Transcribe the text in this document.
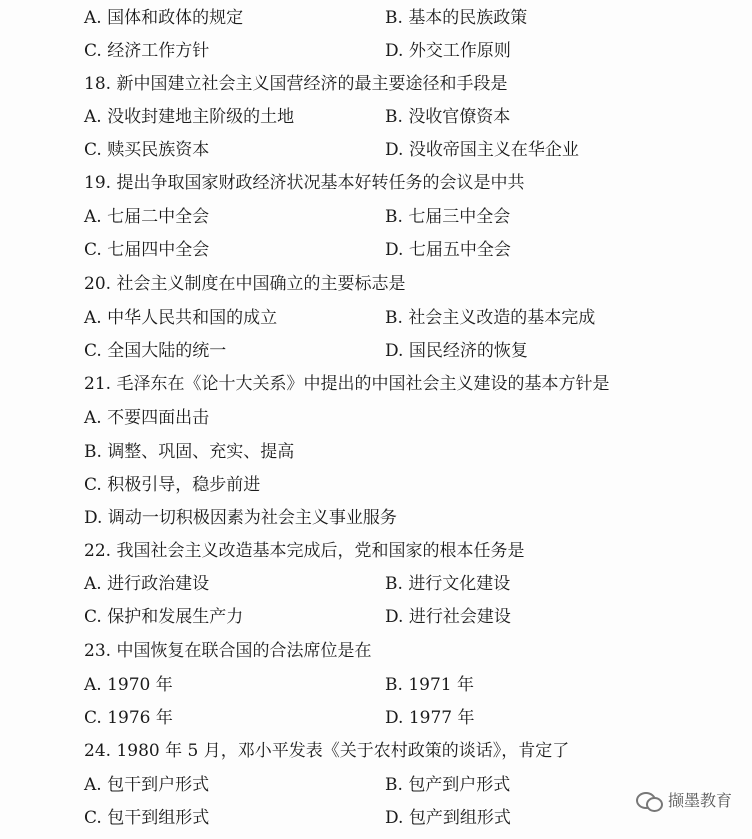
A. 国体和政体的规定	B. 基本的民族政策
C. 经济工作方针	D. 外交工作原则
18. 新中国建立社会主义国营经济的最主要途径和手段是
A. 没收封建地主阶级的土地	B. 没收官僚资本
C. 赎买民族资本	D. 没收帝国主义在华企业
19. 提出争取国家财政经济状况基本好转任务的会议是中共
A. 七届二中全会	B. 七届三中全会
C. 七届四中全会	D. 七届五中全会
20. 社会主义制度在中国确立的主要标志是
A. 中华人民共和国的成立	B. 社会主义改造的基本完成
C. 全国大陆的统一	D. 国民经济的恢复
21. 毛泽东在《论十大关系》中提出的中国社会主义建设的基本方针是
A. 不要四面出击
B. 调整、巩固、充实、提高
C. 积极引导，稳步前进
D. 调动一切积极因素为社会主义事业服务
22. 我国社会主义改造基本完成后，党和国家的根本任务是
A. 进行政治建设	B. 进行文化建设
C. 保护和发展生产力	D. 进行社会建设
23. 中国恢复在联合国的合法席位是在
A. 1970 年	B. 1971 年
C. 1976 年	D. 1977 年
24. 1980 年 5 月，邓小平发表《关于农村政策的谈话》，肯定了
A. 包干到户形式	B. 包产到户形式
C. 包干到组形式	D. 包产到组形式
撷墨教育
